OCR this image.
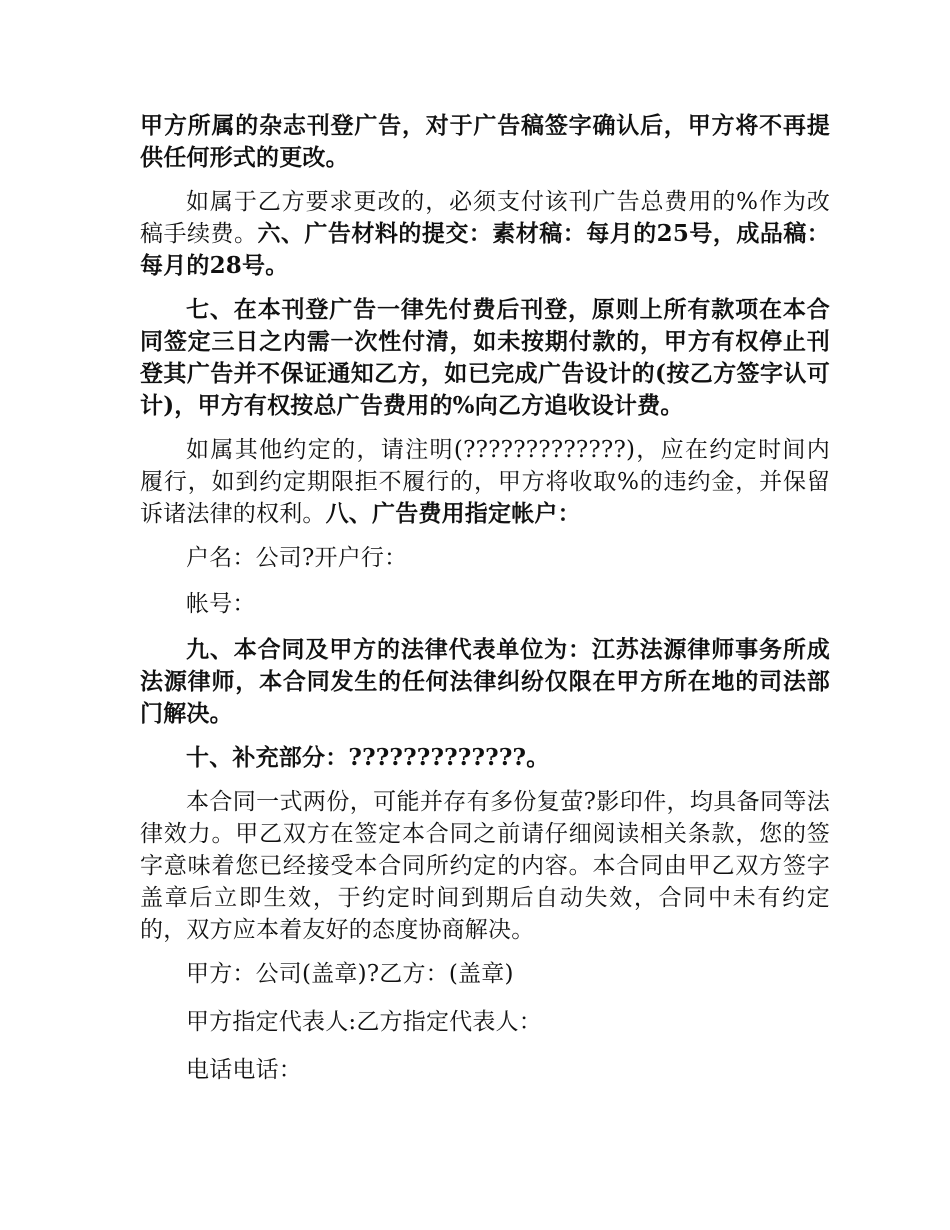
甲方所属的杂志刊登广告，对于广告稿签字确认后，甲方将不再提供任何形式的更改。

如属于乙方要求更改的，必须支付该刊广告总费用的%作为改稿手续费。六、广告材料的提交：素材稿：每月的25号，成品稿：每月的28号。

七、在本刊登广告一律先付费后刊登，原则上所有款项在本合同签定三日之内需一次性付清，如未按期付款的，甲方有权停止刊登其广告并不保证通知乙方，如已完成广告设计的(按乙方签字认可计)，甲方有权按总广告费用的%向乙方追收设计费。

如属其他约定的，请注明(?????????????)，应在约定时间内履行，如到约定期限拒不履行的，甲方将收取%的违约金，并保留诉诸法律的权利。八、广告费用指定帐户：

户名：公司?开户行：

帐号：

九、本合同及甲方的法律代表单位为：江苏法源律师事务所成法源律师，本合同发生的任何法律纠纷仅限在甲方所在地的司法部门解决。

十、补充部分：?????????????。

本合同一式两份，可能并存有多份复萤?影印件，均具备同等法律效力。甲乙双方在签定本合同之前请仔细阅读相关条款，您的签字意味着您已经接受本合同所约定的内容。本合同由甲乙双方签字盖章后立即生效，于约定时间到期后自动失效，合同中未有约定的，双方应本着友好的态度协商解决。

甲方：公司(盖章)?乙方：(盖章)

甲方指定代表人:乙方指定代表人：

电话电话：
